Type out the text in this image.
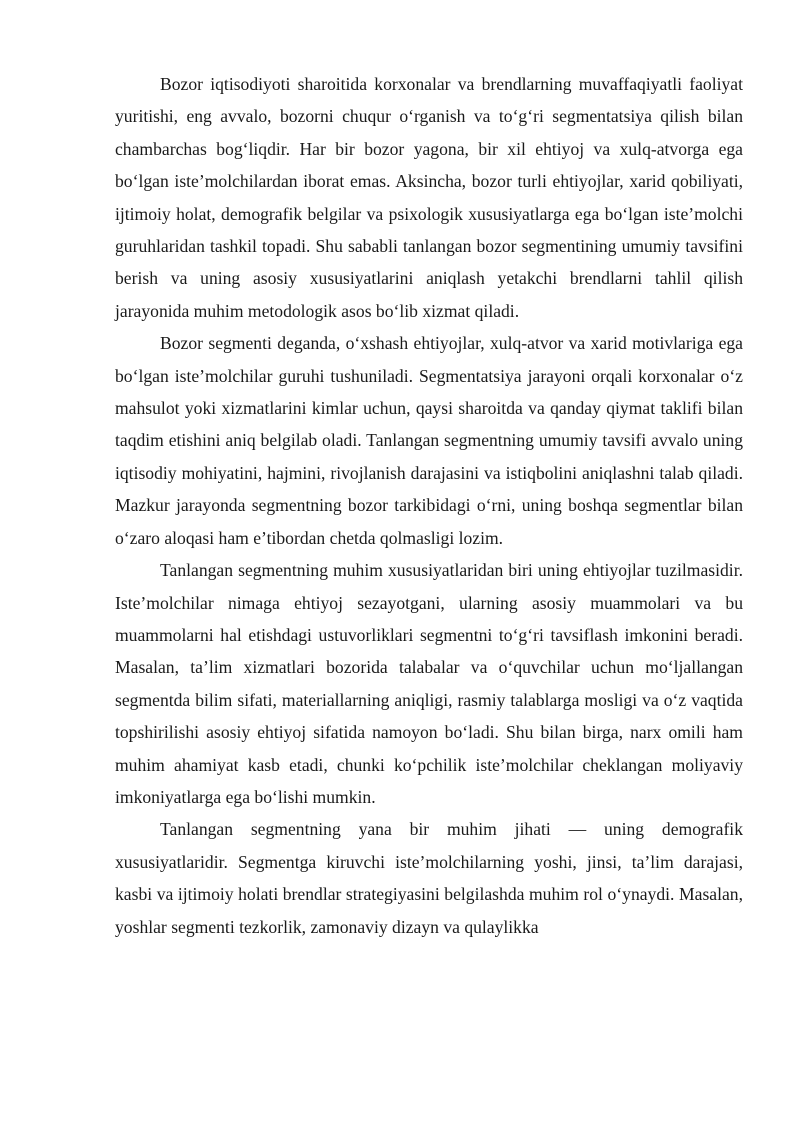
Bozor iqtisodiyoti sharoitida korxonalar va brendlarning muvaffaqiyatli faoliyat yuritishi, eng avvalo, bozorni chuqur o‘rganish va to‘g‘ri segmentatsiya qilish bilan chambarchas bog‘liqdir. Har bir bozor yagona, bir xil ehtiyoj va xulq-atvorga ega bo‘lgan iste’molchilardan iborat emas. Aksincha, bozor turli ehtiyojlar, xarid qobiliyati, ijtimoiy holat, demografik belgilar va psixologik xususiyatlarga ega bo‘lgan iste’molchi guruhlaridan tashkil topadi. Shu sababli tanlangan bozor segmentining umumiy tavsifini berish va uning asosiy xususiyatlarini aniqlash yetakchi brendlarni tahlil qilish jarayonida muhim metodologik asos bo‘lib xizmat qiladi.

Bozor segmenti deganda, o‘xshash ehtiyojlar, xulq-atvor va xarid motivlariga ega bo‘lgan iste’molchilar guruhi tushuniladi. Segmentatsiya jarayoni orqali korxonalar o‘z mahsulot yoki xizmatlarini kimlar uchun, qaysi sharoitda va qanday qiymat taklifi bilan taqdim etishini aniq belgilab oladi. Tanlangan segmentning umumiy tavsifi avvalo uning iqtisodiy mohiyatini, hajmini, rivojlanish darajasini va istiqbolini aniqlashni talab qiladi. Mazkur jarayonda segmentning bozor tarkibidagi o‘rni, uning boshqa segmentlar bilan o‘zaro aloqasi ham e’tibordan chetda qolmasligi lozim.

Tanlangan segmentning muhim xususiyatlaridan biri uning ehtiyojlar tuzilmasidir. Iste’molchilar nimaga ehtiyoj sezayotgani, ularning asosiy muammolari va bu muammolarni hal etishdagi ustuvorliklari segmentni to‘g‘ri tavsiflash imkonini beradi. Masalan, ta’lim xizmatlari bozorida talabalar va o‘quvchilar uchun mo‘ljallangan segmentda bilim sifati, materiallarning aniqligi, rasmiy talablarga mosligi va o‘z vaqtida topshirilishi asosiy ehtiyoj sifatida namoyon bo‘ladi. Shu bilan birga, narx omili ham muhim ahamiyat kasb etadi, chunki ko‘pchilik iste’molchilar cheklangan moliyaviy imkoniyatlarga ega bo‘lishi mumkin.

Tanlangan segmentning yana bir muhim jihati — uning demografik xususiyatlaridir. Segmentga kiruvchi iste’molchilarning yoshi, jinsi, ta’lim darajasi, kasbi va ijtimoiy holati brendlar strategiyasini belgilashda muhim rol o‘ynaydi. Masalan, yoshlar segmenti tezkorlik, zamonaviy dizayn va qulaylikka
